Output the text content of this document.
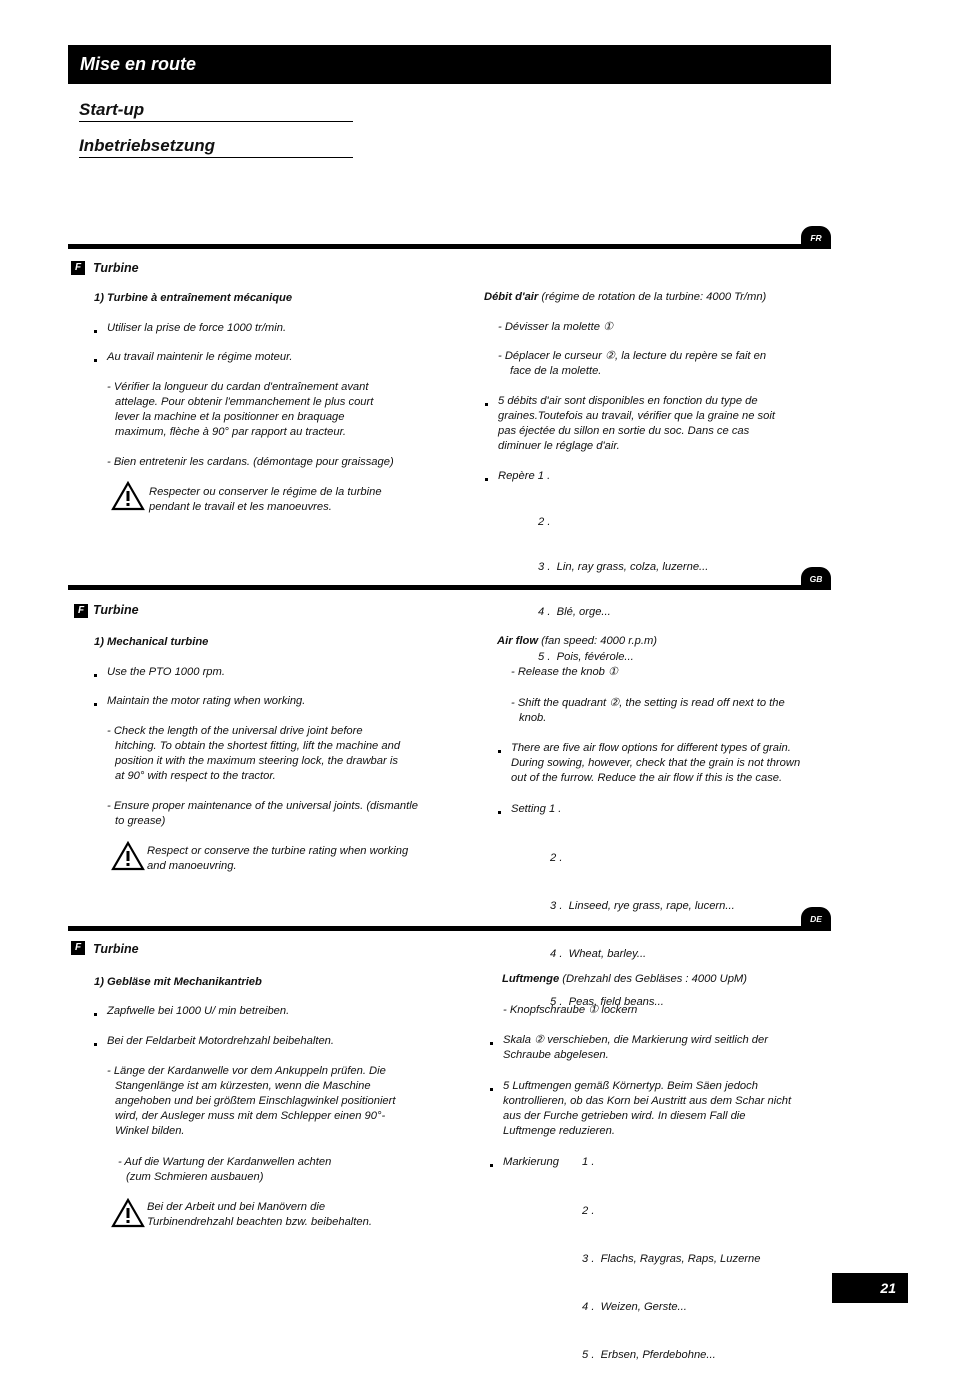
Mise en route
Start-up
Inbetriebsetzung
FR
F Turbine
1) Turbine à entraînement mécanique
Utiliser la prise de force 1000 tr/min.
Au travail maintenir le régime moteur.
- Vérifier la longueur du cardan d'entraînement avant
attelage. Pour obtenir l'emmanchement le plus court
lever la machine et la positionner en braquage
maximum, flèche à 90° par rapport au tracteur.
- Bien entretenir les cardans. (démontage pour graissage)
Respecter ou conserver le régime de la turbine
pendant le travail et les manoeuvres.
Débit d'air (régime de rotation de la turbine: 4000 Tr/mn)
- Dévisser la molette ①
- Déplacer le curseur ②, la lecture du repère se fait en
face de la molette.
5 débits d'air sont disponibles en fonction du type de
graines.Toutefois au travail, vérifier que la graine ne soit
pas éjectée du sillon en sortie du soc. Dans ce cas
diminuer le réglage d'air.
Repère 1 .

2 .

3 .  Lin, ray grass, colza, luzerne...

4 .  Blé, orge...

5 .  Pois, févérole...

GB
F Turbine
1) Mechanical turbine
Use the PTO 1000 rpm.
Maintain the motor rating when working.
- Check the length of the universal drive joint before
hitching. To obtain the shortest fitting, lift the machine and
position it with the maximum steering lock, the drawbar is
at 90° with respect to the tractor.
- Ensure proper maintenance of the universal joints. (dismantle
to grease)
Respect or conserve the turbine rating when working
and manoeuvring.
Air flow (fan speed: 4000 r.p.m)
- Release the knob ①
- Shift the quadrant ②, the setting is read off next to the
knob.
There are five air flow options for different types of grain.
During sowing, however, check that the grain is not thrown
out of the furrow. Reduce the air flow if this is the case.
Setting 1 .

2 .

3 .  Linseed, rye grass, rape, lucern...

4 .  Wheat, barley...

5 .  Peas, field beans...

DE
F Turbine
1) Gebläse mit Mechanikantrieb
Zapfwelle bei 1000 U/ min betreiben.
Bei der Feldarbeit Motordrehzahl beibehalten.
- Länge der Kardanwelle vor dem Ankuppeln prüfen. Die
Stangenlänge ist am kürzesten, wenn die Maschine
angehoben und bei größtem Einschlagwinkel positioniert
wird, der Ausleger muss mit dem Schlepper einen 90°-
Winkel bilden.
- Auf die Wartung der Kardanwellen achten
(zum Schmieren ausbauen)
Bei der Arbeit und bei Manövern die
Turbinendrehzahl beachten bzw. beibehalten.
Luftmenge (Drehzahl des Gebläses : 4000 UpM)
- Knopfschraube ① lockern
Skala ② verschieben, die Markierung wird seitlich der
Schraube abgelesen.
5 Luftmengen gemäß Körnertyp. Beim Säen jedoch
kontrollieren, ob das Korn bei Austritt aus dem Schar nicht
aus der Furche getrieben wird. In diesem Fall die
Luftmenge reduzieren.
Markierung 1 .

2 .

3 .  Flachs, Raygras, Raps, Luzerne

4 .  Weizen, Gerste...

5 .  Erbsen, Pferdebohne...

21
